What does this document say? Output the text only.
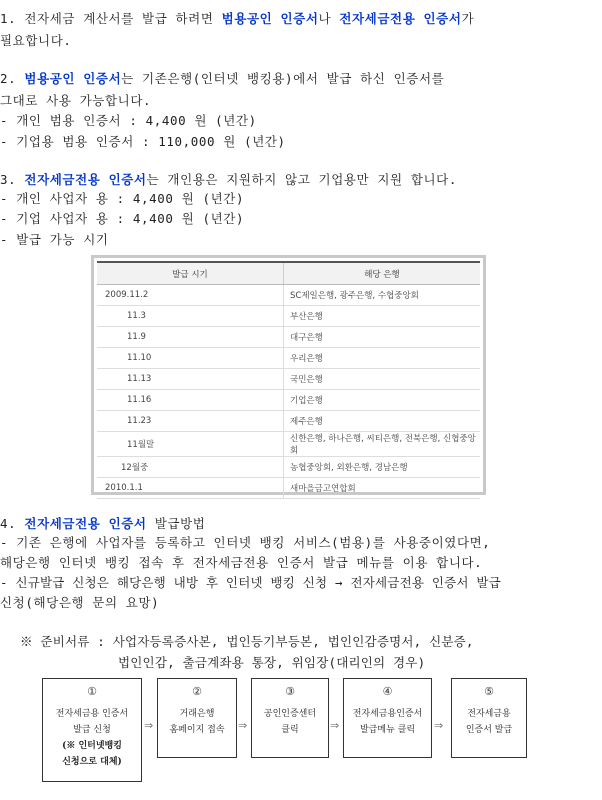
1. 전자세금 계산서를 발급 하려면 범용공인 인증서나 전자세금전용 인증서가
필요합니다.
2. 범용공인 인증서는 기존은행(인터넷 뱅킹용)에서 발급 하신 인증서를
그대로 사용 가능합니다.
- 개인 범용 인증서 : 4,400 원 (년간)
- 기업용 범용 인증서 : 110,000 원 (년간)
3. 전자세금전용 인증서는 개인용은 지원하지 않고 기업용만 지원 합니다.
- 개인 사업자 용 : 4,400 원 (년간)
- 기업 사업자 용 : 4,400 원 (년간)
- 발급 가능 시기
발급 시기	해당 은행
2009.11.2	SC제일은행, 광주은행, 수협중앙회
11.3	부산은행
11.9	대구은행
11.10	우리은행
11.13	국민은행
11.16	기업은행
11.23	제주은행
11월말	신한은행, 하나은행, 씨티은행, 전북은행, 신협중앙회
12월중	농협중앙회, 외환은행, 경남은행
2010.1.1	새마을금고연합회
4. 전자세금전용 인증서 발급방법
- 기존 은행에 사업자를 등록하고 인터넷 뱅킹 서비스(범용)를 사용중이였다면,
해당은행 인터넷 뱅킹 접속 후 전자세금전용 인증서 발급 메뉴를 이용 합니다.
- 신규발급 신청은 해당은행 내방 후 인터넷 뱅킹 신청 → 전자세금전용 인증서 발급
신청(해당은행 문의 요망)
※ 준비서류 : 사업자등록증사본, 법인등기부등본, 법인인감증명서, 신분증,
법인인감, 출금계좌용 통장, 위임장(대리인의 경우)
①
전자세금용 인증서
발급 신청
(※ 인터넷뱅킹
신청으로 대체)
⇒
②
거래은행
홈페이지 접속	⇒
③
공인인증센터
클릭	⇒
④
전자세금용인증서
발급메뉴 클릭	⇒
⑤
전자세금용
인증서 발급
